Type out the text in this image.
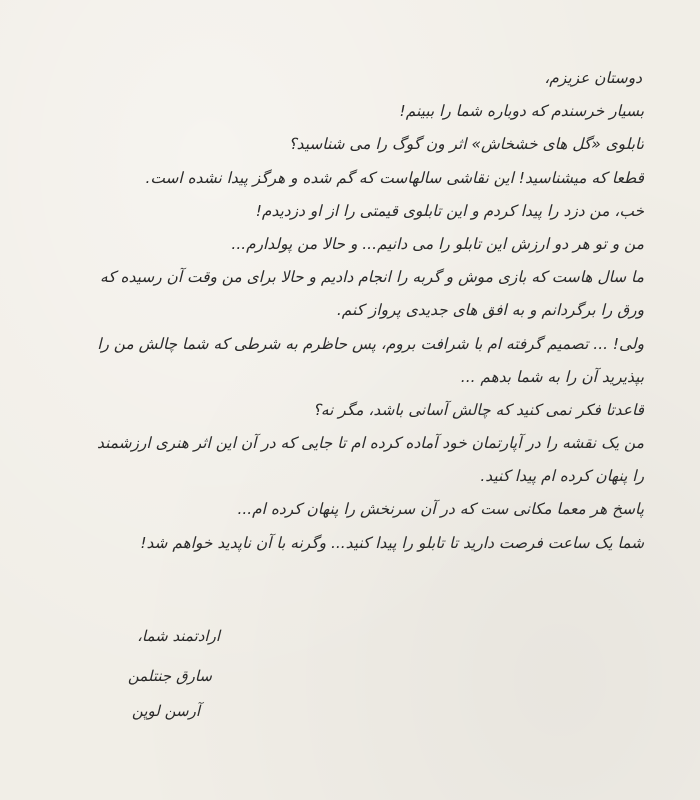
دوستان عزیزم،
بسیار خرسندم که دوباره شما را ببینم!
تابلوی «گل های خشخاش» اثر ون گوگ را می شناسید؟
قطعا که میشناسید! این نقاشی سالهاست که گم شده و هرگز پیدا نشده است.
خب، من دزد را پیدا کردم و این تابلوی قیمتی را از او دزدیدم!
من و تو هر دو ارزش این تابلو را می دانیم... و حالا من پولدارم...
ما سال هاست که بازی موش و گربه را انجام دادیم و حالا برای من وقت آن رسیده که
ورق را برگردانم و به افق های جدیدی پرواز کنم.
ولی! ... تصمیم گرفته ام با شرافت بروم، پس حاظرم به شرطی که شما چالش من را
بپذیرید آن را به شما بدهم ...
قاعدتا فکر نمی کنید که چالش آسانی باشد، مگر نه؟
من یک نقشه را در آپارتمان خود آماده کرده ام تا جایی که در آن این اثر هنری ارزشمند
را پنهان کرده ام پیدا کنید.
پاسخ هر معما مکانی ست که در آن سرنخش را پنهان کرده ام...
شما یک ساعت فرصت دارید تا تابلو را پیدا کنید... وگرنه با آن ناپدید خواهم شد!
ارادتمند شما،
سارق جنتلمن
آرسن لوپن
